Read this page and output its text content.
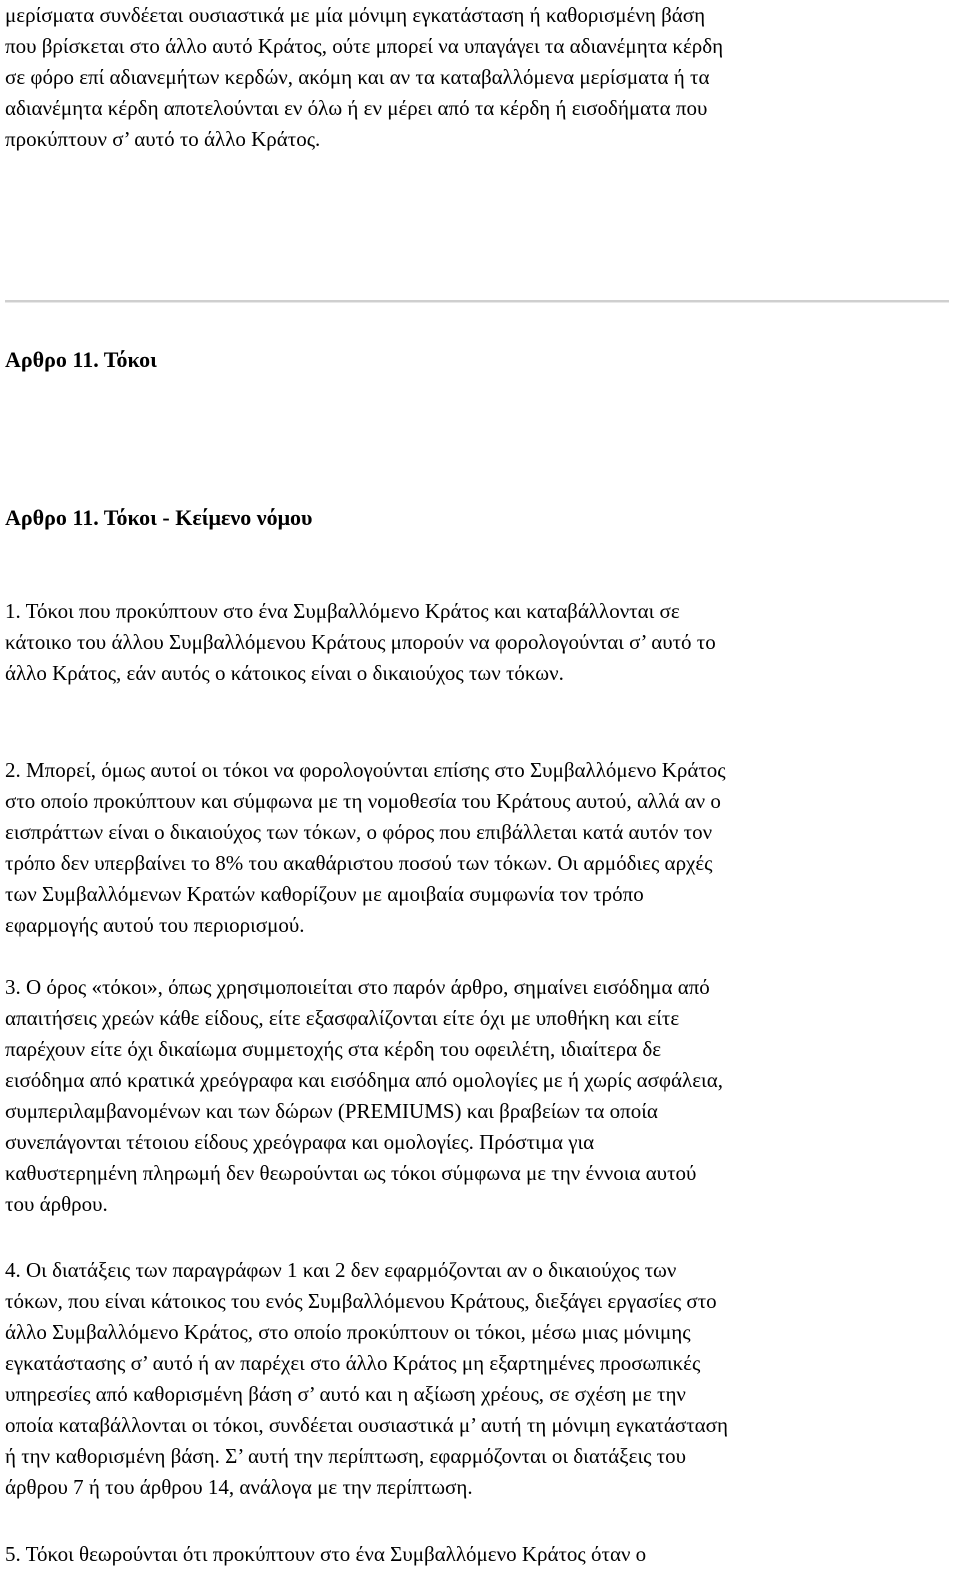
μερίσματα συνδέεται ουσιαστικά με μία μόνιμη εγκατάσταση ή καθορισμένη βάση
που βρίσκεται στο άλλο αυτό Κράτος, ούτε μπορεί να υπαγάγει τα αδιανέμητα κέρδη
σε φόρο επί αδιανεμήτων κερδών, ακόμη και αν τα καταβαλλόμενα μερίσματα ή τα
αδιανέμητα κέρδη αποτελούνται εν όλω ή εν μέρει από τα κέρδη ή εισοδήματα που
προκύπτουν σ’ αυτό το άλλο Κράτος.

Αρθρο 11. Τόκοι
Αρθρο 11. Τόκοι - Κείμενο νόμου

1. Τόκοι που προκύπτουν στο ένα Συμβαλλόμενο Κράτος και καταβάλλονται σε
κάτοικο του άλλου Συμβαλλόμενου Κράτους μπορούν να φορολογούνται σ’ αυτό το
άλλο Κράτος, εάν αυτός ο κάτοικος είναι ο δικαιούχος των τόκων.

2. Μπορεί, όμως αυτοί οι τόκοι να φορολογούνται επίσης στο Συμβαλλόμενο Κράτος
στο οποίο προκύπτουν και σύμφωνα με τη νομοθεσία του Κράτους αυτού, αλλά αν ο
εισπράττων είναι ο δικαιούχος των τόκων, ο φόρος που επιβάλλεται κατά αυτόν τον
τρόπο δεν υπερβαίνει το 8% του ακαθάριστου ποσού των τόκων. Οι αρμόδιες αρχές
των Συμβαλλόμενων Κρατών καθορίζουν με αμοιβαία συμφωνία τον τρόπο
εφαρμογής αυτού του περιορισμού.

3. Ο όρος «τόκοι», όπως χρησιμοποιείται στο παρόν άρθρο, σημαίνει εισόδημα από
απαιτήσεις χρεών κάθε είδους, είτε εξασφαλίζονται είτε όχι με υποθήκη και είτε
παρέχουν είτε όχι δικαίωμα συμμετοχής στα κέρδη του οφειλέτη, ιδιαίτερα δε
εισόδημα από κρατικά χρεόγραφα και εισόδημα από ομολογίες με ή χωρίς ασφάλεια,
συμπεριλαμβανομένων και των δώρων (PREMIUMS) και βραβείων τα οποία
συνεπάγονται τέτοιου είδους χρεόγραφα και ομολογίες. Πρόστιμα για
καθυστερημένη πληρωμή δεν θεωρούνται ως τόκοι σύμφωνα με την έννοια αυτού
του άρθρου.

4. Οι διατάξεις των παραγράφων 1 και 2 δεν εφαρμόζονται αν ο δικαιούχος των
τόκων, που είναι κάτοικος του ενός Συμβαλλόμενου Κράτους, διεξάγει εργασίες στο
άλλο Συμβαλλόμενο Κράτος, στο οποίο προκύπτουν οι τόκοι, μέσω μιας μόνιμης
εγκατάστασης σ’ αυτό ή αν παρέχει στο άλλο Κράτος μη εξαρτημένες προσωπικές
υπηρεσίες από καθορισμένη βάση σ’ αυτό και η αξίωση χρέους, σε σχέση με την
οποία καταβάλλονται οι τόκοι, συνδέεται ουσιαστικά μ’ αυτή τη μόνιμη εγκατάσταση
ή την καθορισμένη βάση. Σ’ αυτή την περίπτωση, εφαρμόζονται οι διατάξεις του
άρθρου 7 ή του άρθρου 14, ανάλογα με την περίπτωση.

5. Τόκοι θεωρούνται ότι προκύπτουν στο ένα Συμβαλλόμενο Κράτος όταν ο
